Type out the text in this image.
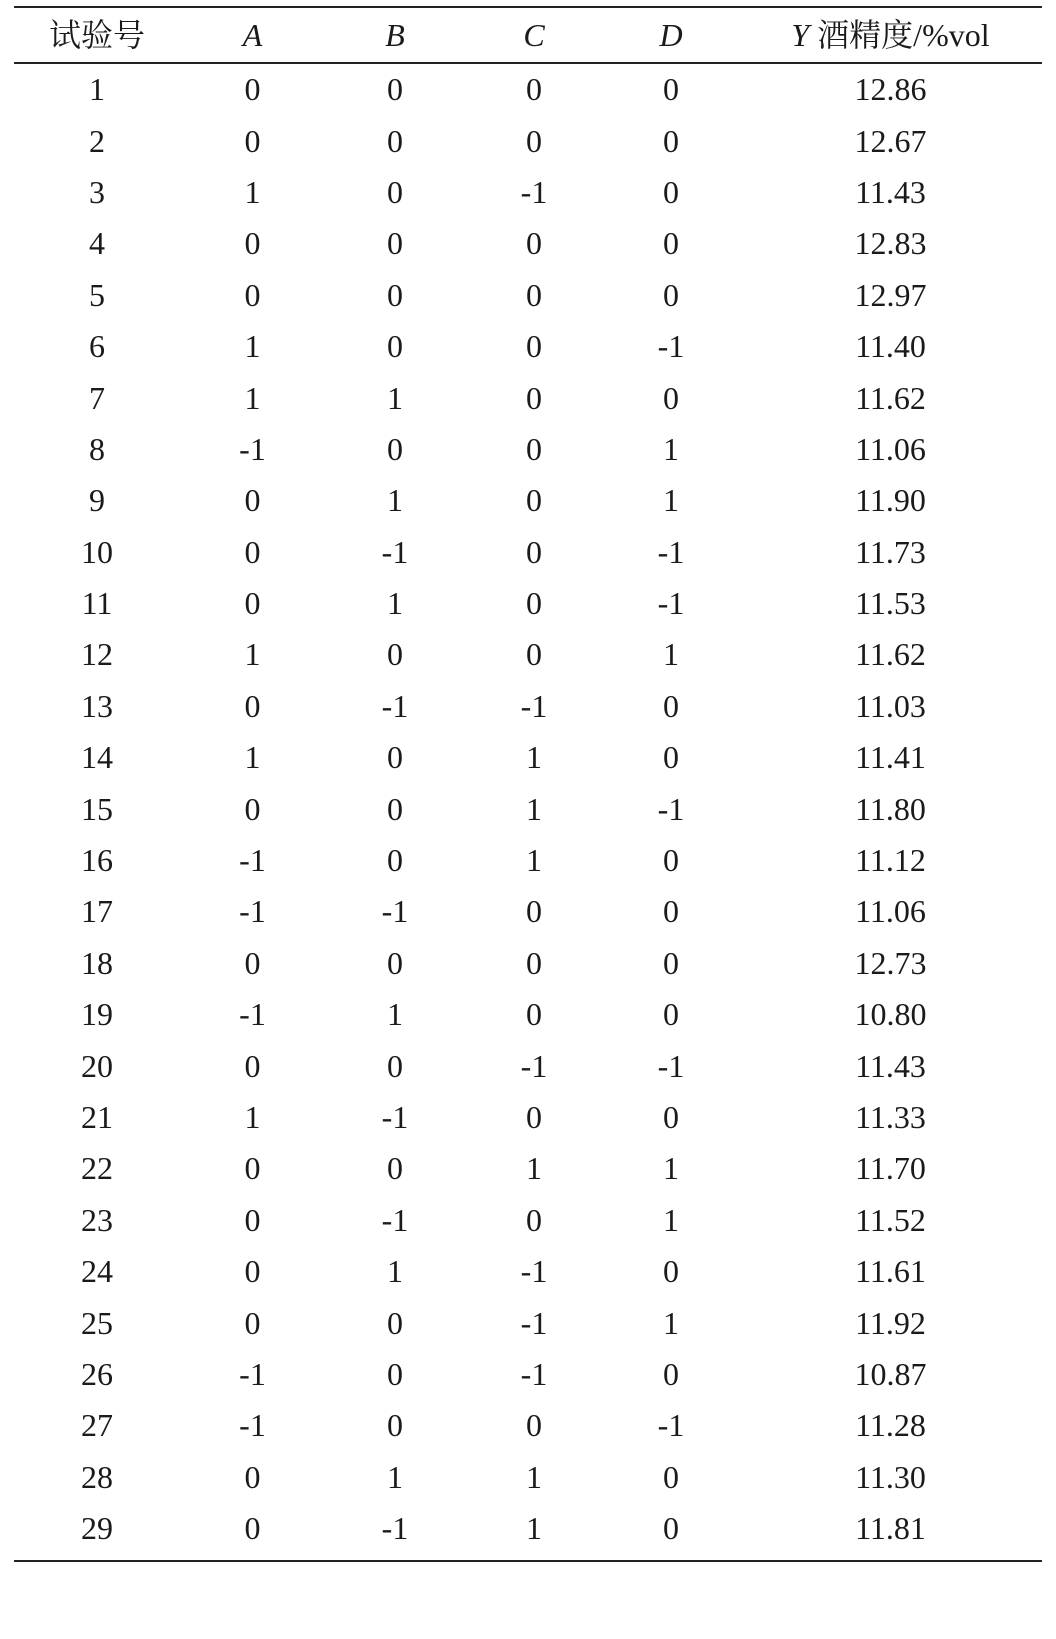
试验号	A	B	C	D	Y 酒精度/%vol
1	0	0	0	0	12.86
2	0	0	0	0	12.67
3	1	0	-1	0	11.43
4	0	0	0	0	12.83
5	0	0	0	0	12.97
6	1	0	0	-1	11.40
7	1	1	0	0	11.62
8	-1	0	0	1	11.06
9	0	1	0	1	11.90
10	0	-1	0	-1	11.73
11	0	1	0	-1	11.53
12	1	0	0	1	11.62
13	0	-1	-1	0	11.03
14	1	0	1	0	11.41
15	0	0	1	-1	11.80
16	-1	0	1	0	11.12
17	-1	-1	0	0	11.06
18	0	0	0	0	12.73
19	-1	1	0	0	10.80
20	0	0	-1	-1	11.43
21	1	-1	0	0	11.33
22	0	0	1	1	11.70
23	0	-1	0	1	11.52
24	0	1	-1	0	11.61
25	0	0	-1	1	11.92
26	-1	0	-1	0	10.87
27	-1	0	0	-1	11.28
28	0	1	1	0	11.30
29	0	-1	1	0	11.81
